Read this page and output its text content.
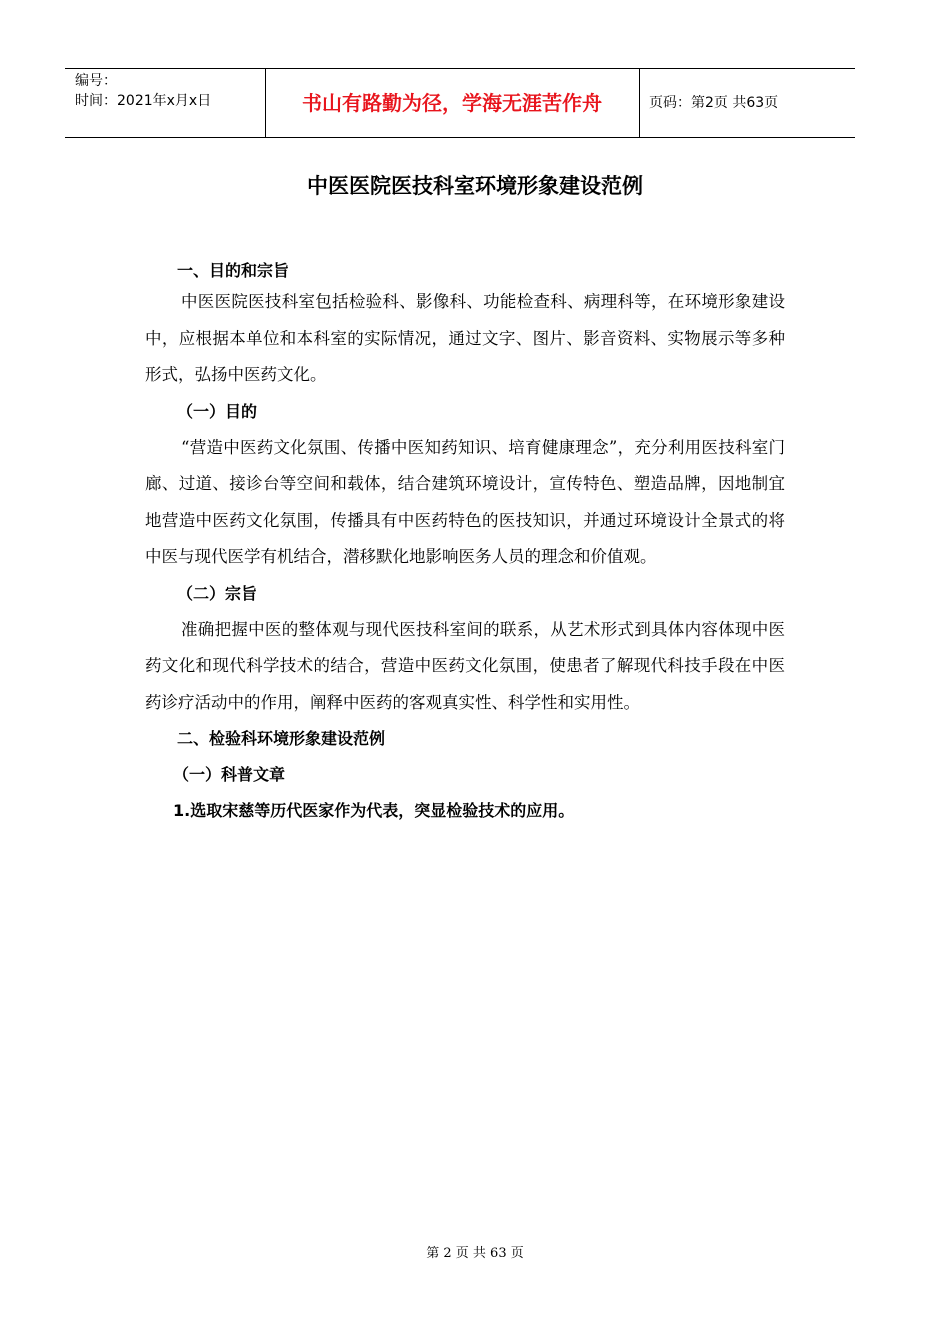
编号：
时间：2021年x月x日	书山有路勤为径，学海无涯苦作舟	页码：第2页 共63页
中医医院医技科室环境形象建设范例
一、目的和宗旨

中医医院医技科室包括检验科、影像科、功能检查科、病理科等，在环境形象建设中，应根据本单位和本科室的实际情况，通过文字、图片、影音资料、实物展示等多种形式，弘扬中医药文化。

（一）目的

“营造中医药文化氛围、传播中医知药知识、培育健康理念”，充分利用医技科室门廊、过道、接诊台等空间和载体，结合建筑环境设计，宣传特色、塑造品牌，因地制宜地营造中医药文化氛围，传播具有中医药特色的医技知识，并通过环境设计全景式的将中医与现代医学有机结合，潜移默化地影响医务人员的理念和价值观。

（二）宗旨

准确把握中医的整体观与现代医技科室间的联系，从艺术形式到具体内容体现中医药文化和现代科学技术的结合，营造中医药文化氛围，使患者了解现代科技手段在中医药诊疗活动中的作用，阐释中医药的客观真实性、科学性和实用性。

二、检验科环境形象建设范例
（一）科普文章
1.选取宋慈等历代医家作为代表，突显检验技术的应用。
第 2 页 共 63 页
